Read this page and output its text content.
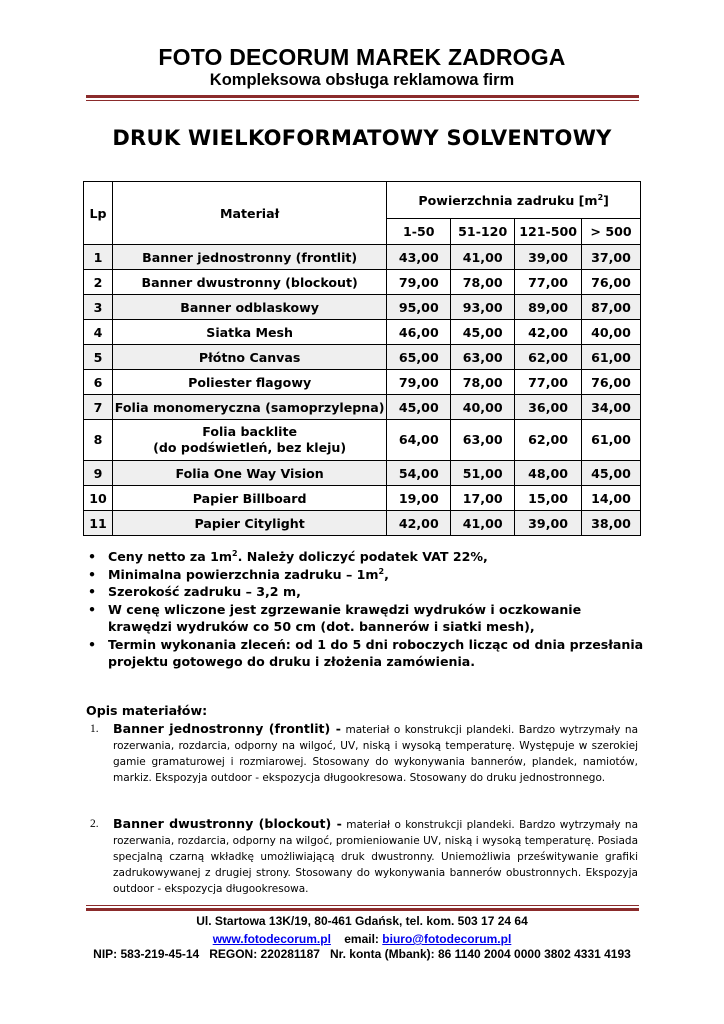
FOTO DECORUM MAREK ZADROGA
Kompleksowa obsługa reklamowa firm
DRUK WIELKOFORMATOWY SOLVENTOWY
Lp	Materiał	Powierzchnia zadruku $[m^2]$			
		1-50	51-120	121-500	> 500
1	Banner jednostronny (frontlit)	43,00	41,00	39,00	37,00
2	Banner dwustronny (blockout)	79,00	78,00	77,00	76,00
3	Banner odblaskowy	95,00	93,00	89,00	87,00
4	Siatka Mesh	46,00	45,00	42,00	40,00
5	Płótno Canvas	65,00	63,00	62,00	61,00
6	Poliester flagowy	79,00	78,00	77,00	76,00
7	Folia monomeryczna (samoprzylepna)	45,00	40,00	36,00	34,00
8	Folia backlite
(do podświetleń, bez kleju)	64,00	63,00	62,00	61,00
9	Folia One Way Vision	54,00	51,00	48,00	45,00
10	Papier Billboard	19,00	17,00	15,00	14,00
11	Papier Citylight	42,00	41,00	39,00	38,00
• Ceny netto za $1m^2$. Należy doliczyć podatek VAT 22%,
• Minimalna powierzchnia zadruku – $1m^2$,
• Szerokość zadruku – 3,2 m,
• W cenę wliczone jest zgrzewanie krawędzi wydruków i oczkowanie krawędzi wydruków co 50 cm (dot. bannerów i siatki mesh),
• Termin wykonania zleceń: od 1 do 5 dni roboczych licząc od dnia przesłania projektu gotowego do druku i złożenia zamówienia.
Opis materiałów:
1. Banner jednostronny (frontlit) - materiał o konstrukcji plandeki. Bardzo wytrzymały na rozerwania, rozdarcia, odporny na wilgoć, UV, niską i wysoką temperaturę. Występuje w szerokiej gamie gramaturowej i rozmiarowej. Stosowany do wykonywania bannerów, plandek, namiotów, markiz. Ekspozyja outdoor - ekspozycja długookresowa. Stosowany do druku jednostronnego.
2. Banner dwustronny (blockout) - materiał o konstrukcji plandeki. Bardzo wytrzymały na rozerwania, rozdarcia, odporny na wilgoć, promieniowanie UV, niską i wysoką temperaturę. Posiada specjalną czarną wkładkę umożliwiającą druk dwustronny. Uniemożliwia prześwitywanie grafiki zadrukowywanej z drugiej strony. Stosowany do wykonywania bannerów obustronnych. Ekspozyja outdoor - ekspozycja długookresowa.
Ul. Startowa 13K/19, 80-461 Gdańsk, tel. kom. 503 17 24 64
www.fotodecorum.pl email: biuro@fotodecorum.pl
NIP: 583-219-45-14   REGON: 220281187   Nr. konta (Mbank): 86 1140 2004 0000 3802 4331 4193
